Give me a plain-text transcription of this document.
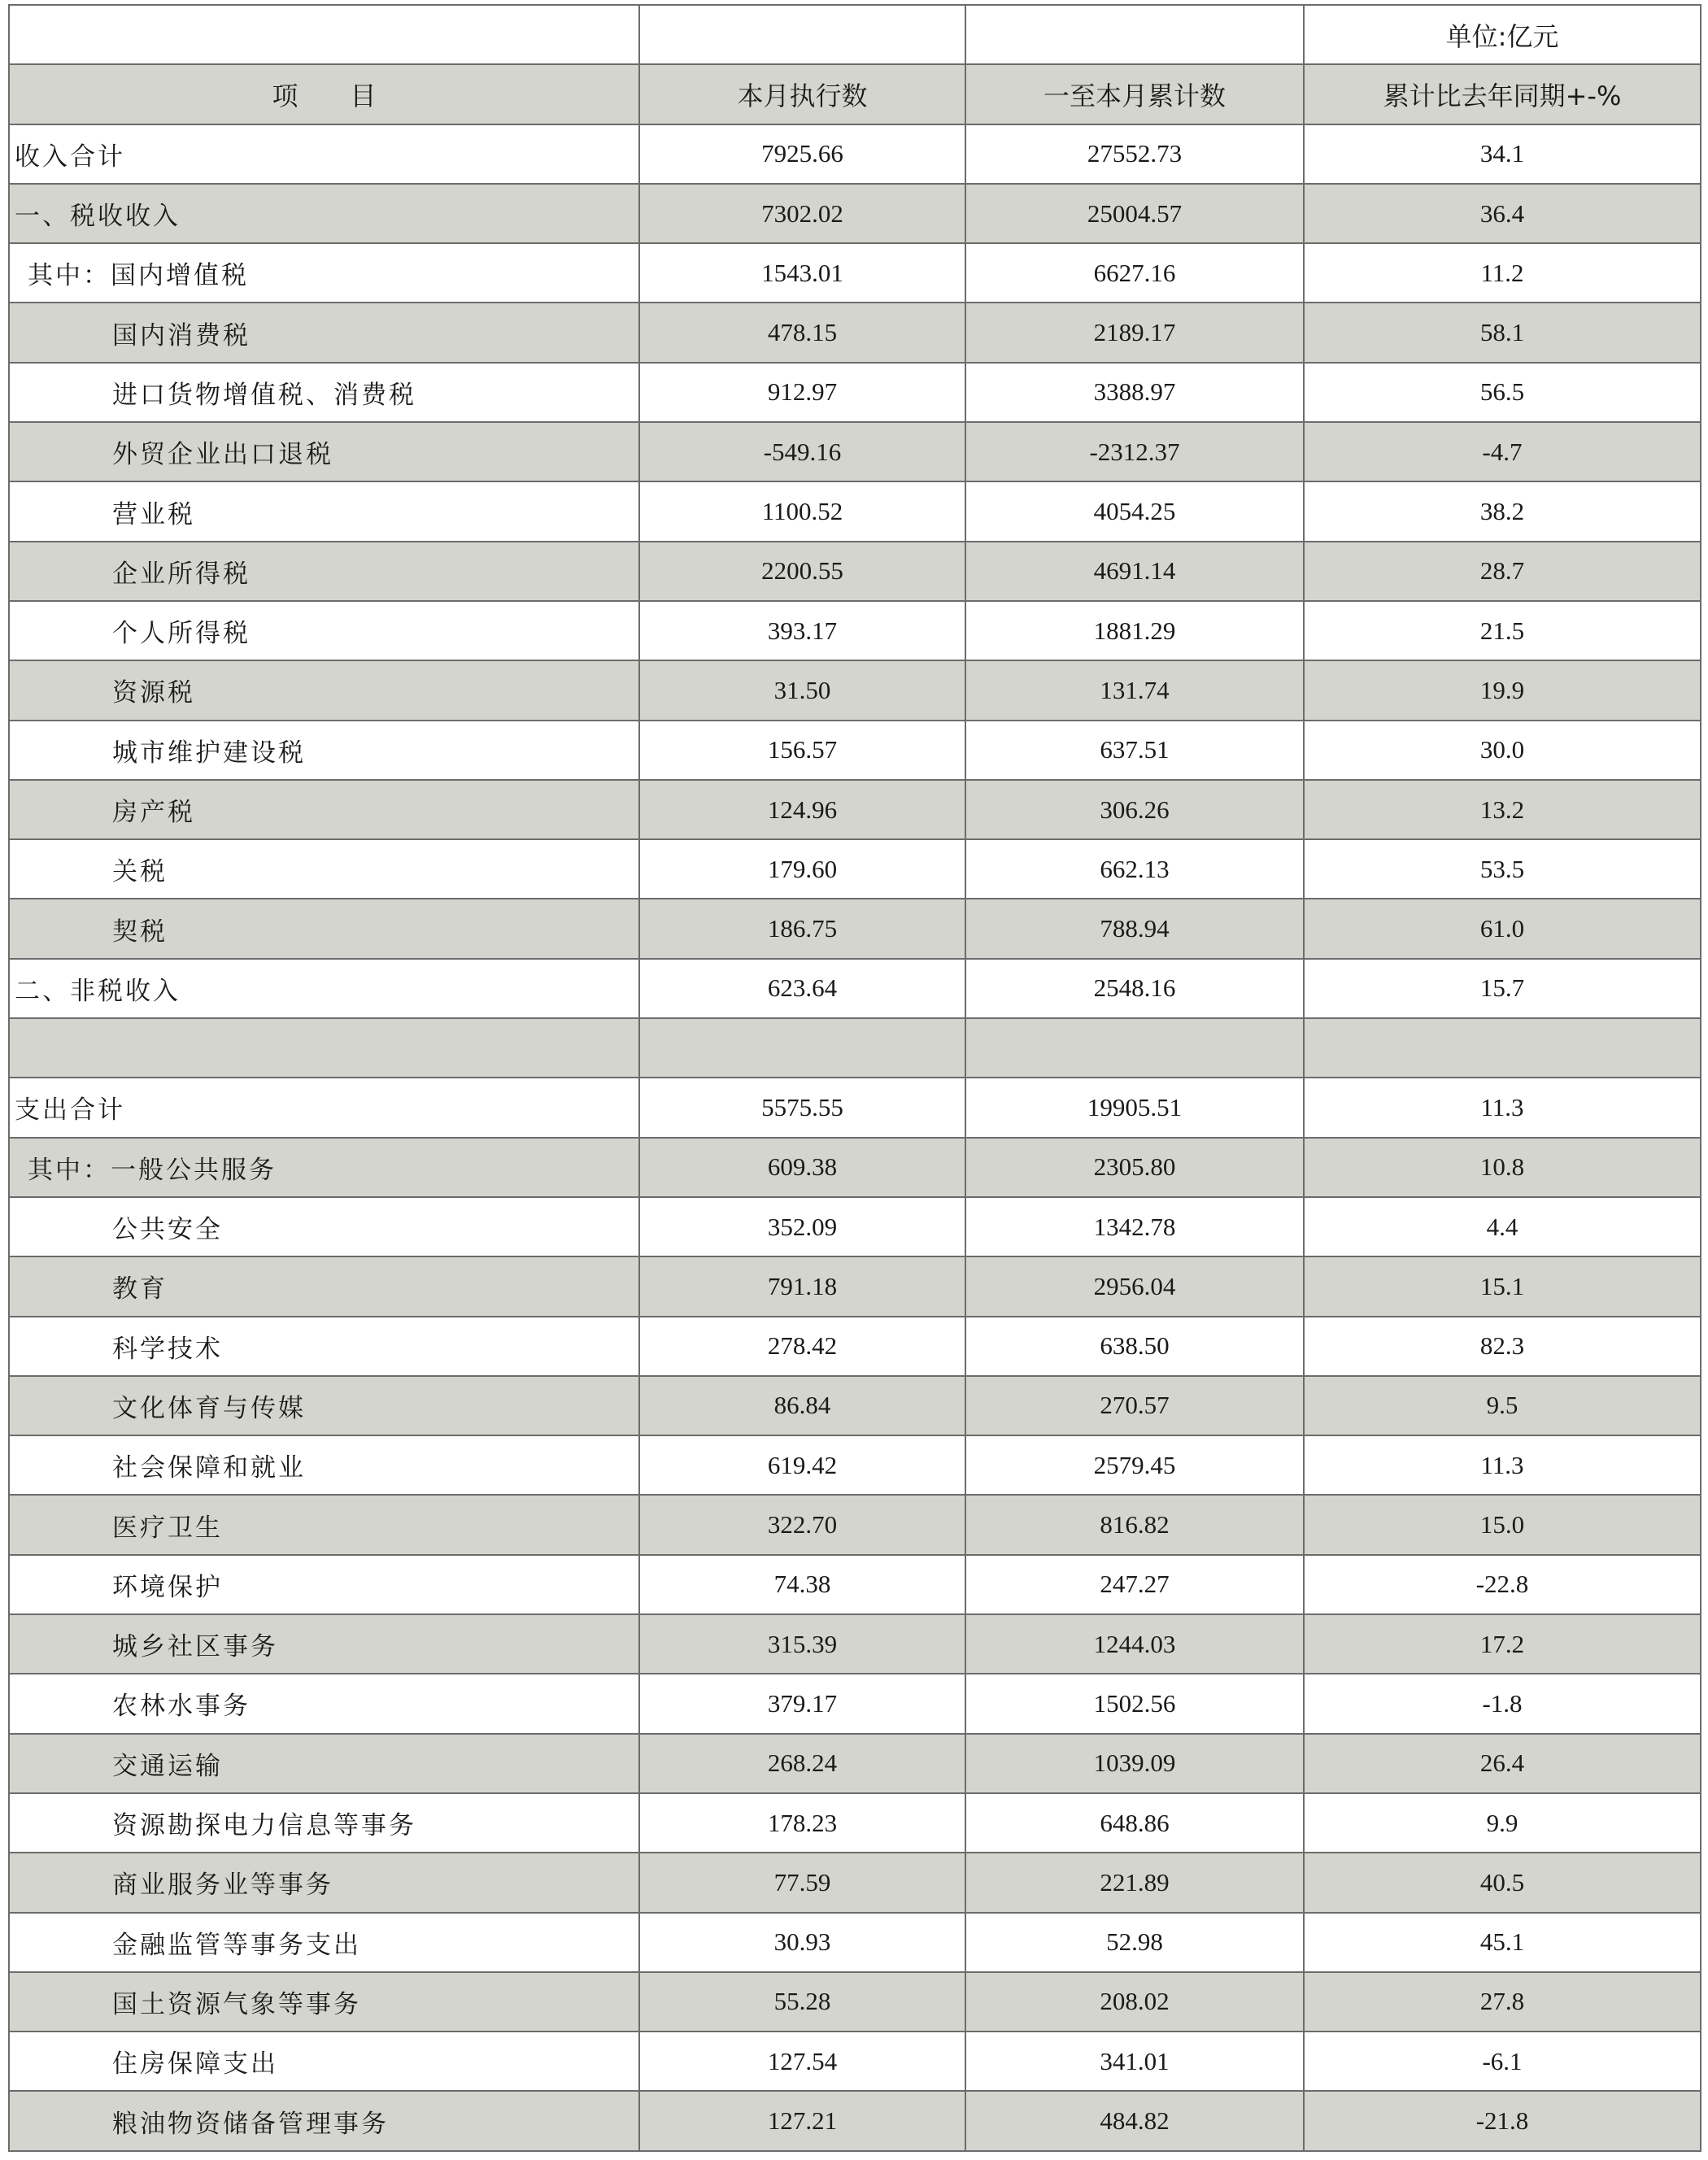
			单位:亿元
项　　目	本月执行数	一至本月累计数	累计比去年同期+-%
收入合计	7925.66	27552.73	34.1
一、税收收入	7302.02	25004.57	36.4
其中：国内增值税	1543.01	6627.16	11.2
国内消费税	478.15	2189.17	58.1
进口货物增值税、消费税	912.97	3388.97	56.5
外贸企业出口退税	-549.16	-2312.37	-4.7
营业税	1100.52	4054.25	38.2
企业所得税	2200.55	4691.14	28.7
个人所得税	393.17	1881.29	21.5
资源税	31.50	131.74	19.9
城市维护建设税	156.57	637.51	30.0
房产税	124.96	306.26	13.2
关税	179.60	662.13	53.5
契税	186.75	788.94	61.0
二、非税收入	623.64	2548.16	15.7

支出合计	5575.55	19905.51	11.3
其中：一般公共服务	609.38	2305.80	10.8
公共安全	352.09	1342.78	4.4
教育	791.18	2956.04	15.1
科学技术	278.42	638.50	82.3
文化体育与传媒	86.84	270.57	9.5
社会保障和就业	619.42	2579.45	11.3
医疗卫生	322.70	816.82	15.0
环境保护	74.38	247.27	-22.8
城乡社区事务	315.39	1244.03	17.2
农林水事务	379.17	1502.56	-1.8
交通运输	268.24	1039.09	26.4
资源勘探电力信息等事务	178.23	648.86	9.9
商业服务业等事务	77.59	221.89	40.5
金融监管等事务支出	30.93	52.98	45.1
国土资源气象等事务	55.28	208.02	27.8
住房保障支出	127.54	341.01	-6.1
粮油物资储备管理事务	127.21	484.82	-21.8
